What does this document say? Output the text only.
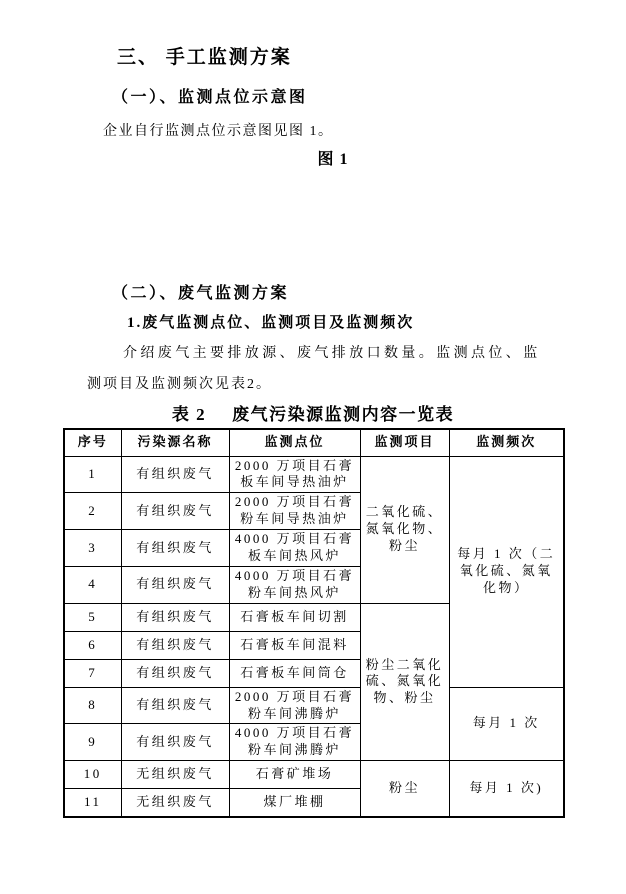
三、 手工监测方案
（一）、监测点位示意图
企业自行监测点位示意图见图 1。
图 1
（二）、废气监测方案
1.废气监测点位、监测项目及监测频次
介绍废气主要排放源、废气排放口数量。监测点位、监
测项目及监测频次见表2。
表 2 废气污染源监测内容一览表
序号	污染源名称	监测点位	监测项目	监测频次
1	有组织废气	2000 万项目石膏板车间导热油炉	二氧化硫、氮氧化物、粉尘	每月 1 次（二氧化硫、氮氧化物）
2	有组织废气	2000 万项目石膏粉车间导热油炉		
3	有组织废气	4000 万项目石膏板车间热风炉		
4	有组织废气	4000 万项目石膏粉车间热风炉		
5	有组织废气	石膏板车间切割	粉尘二氧化硫、氮氧化物、粉尘	
6	有组织废气	石膏板车间混料		
7	有组织废气	石膏板车间筒仓		
8	有组织废气	2000 万项目石膏粉车间沸腾炉		每月 1 次
9	有组织废气	4000 万项目石膏粉车间沸腾炉		
10	无组织废气	石膏矿堆场	粉尘	每月 1 次)
11	无组织废气	煤厂堆棚		
